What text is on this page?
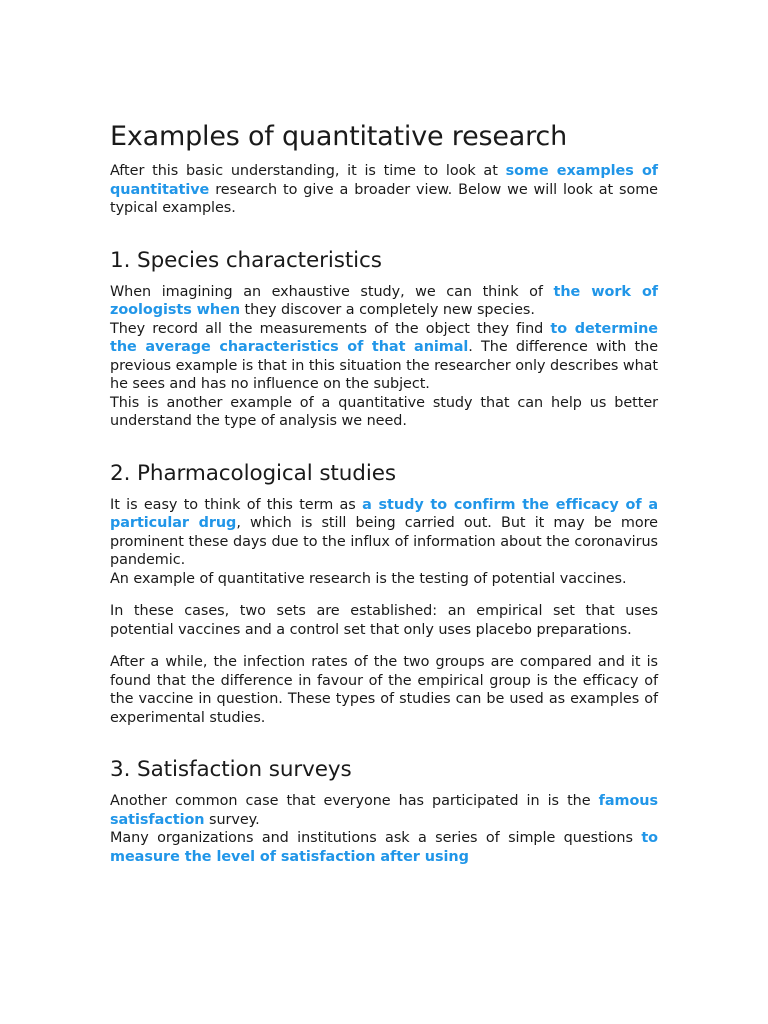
Examples of quantitative research

After this basic understanding, it is time to look at some examples of quantitative research to give a broader view. Below we will look at some typical examples.

1. Species characteristics

When imagining an exhaustive study, we can think of the work of zoologists when they discover a completely new species.

They record all the measurements of the object they find to determine the average characteristics of that animal. The difference with the previous example is that in this situation the researcher only describes what he sees and has no influence on the subject.

This is another example of a quantitative study that can help us better understand the type of analysis we need.

2. Pharmacological studies

It is easy to think of this term as a study to confirm the efficacy of a particular drug, which is still being carried out. But it may be more prominent these days due to the influx of information about the coronavirus pandemic.

An example of quantitative research is the testing of potential vaccines.

In these cases, two sets are established: an empirical set that uses potential vaccines and a control set that only uses placebo preparations.

After a while, the infection rates of the two groups are compared and it is found that the difference in favour of the empirical group is the efficacy of the vaccine in question. These types of studies can be used as examples of experimental studies.

3. Satisfaction surveys

Another common case that everyone has participated in is the famous satisfaction survey.

Many organizations and institutions ask a series of simple questions to measure the level of satisfaction after using
